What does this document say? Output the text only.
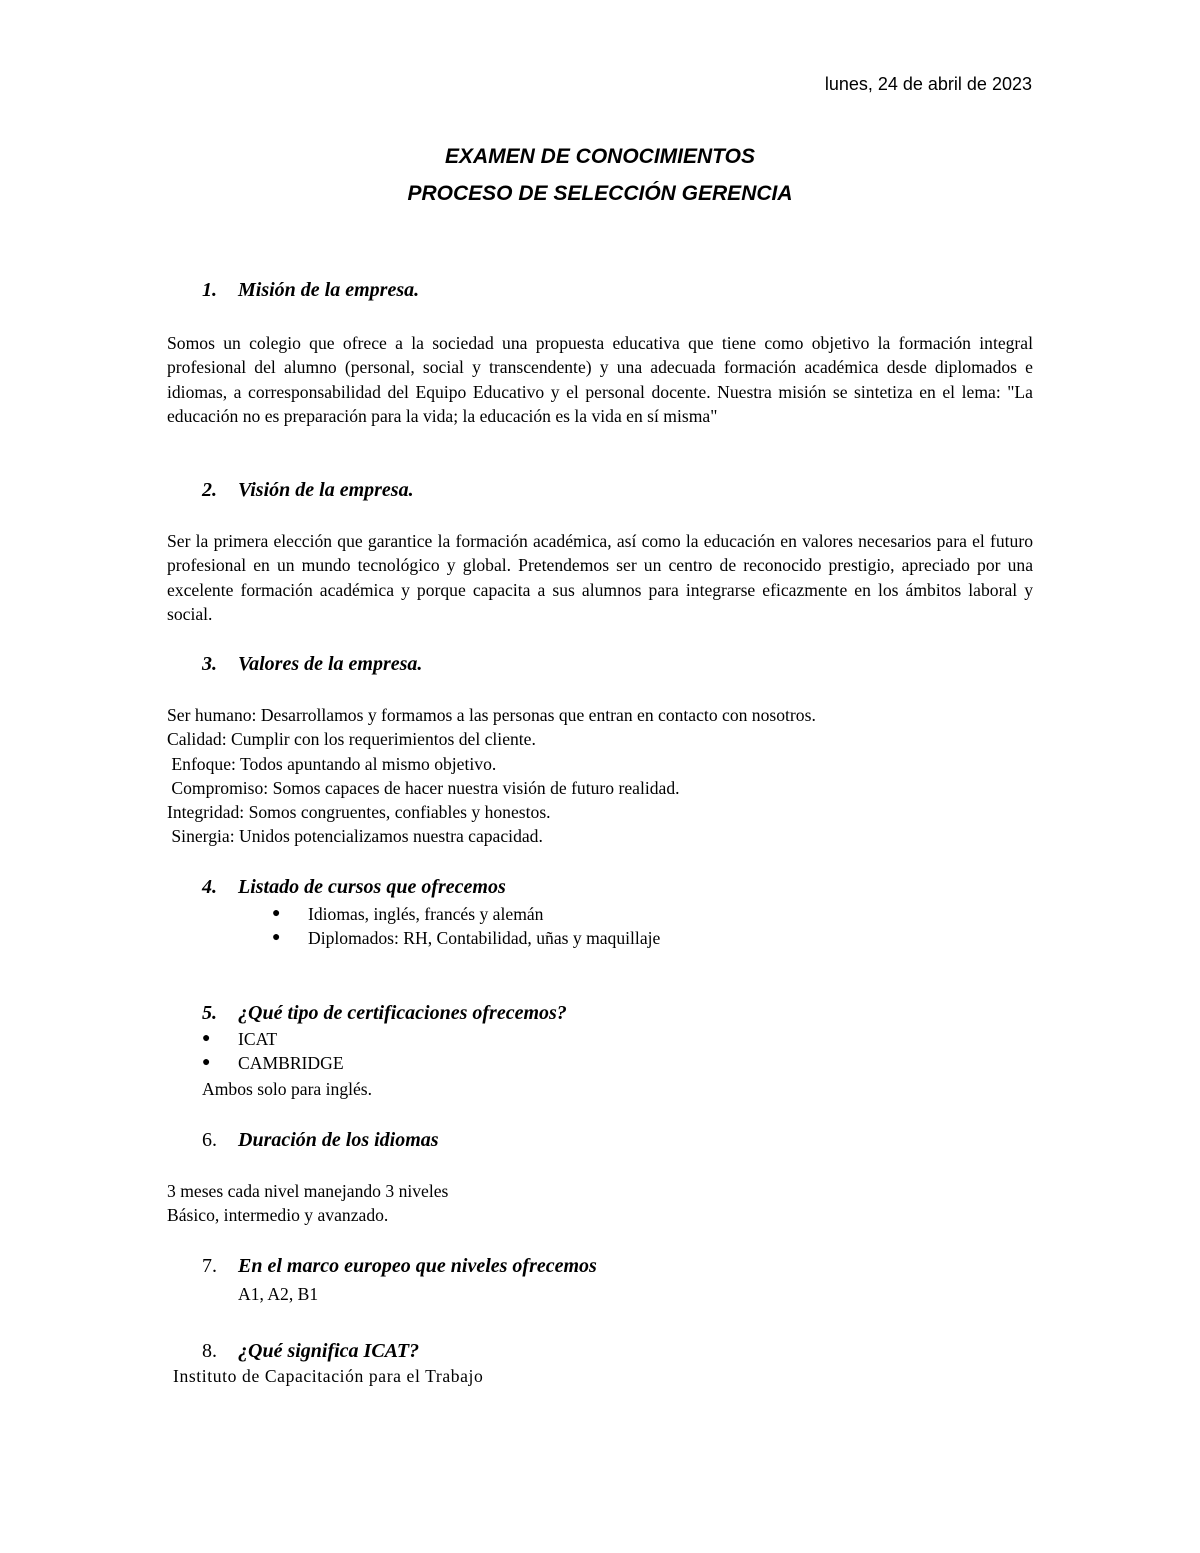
lunes, 24 de abril de 2023
EXAMEN DE CONOCIMIENTOS
PROCESO DE SELECCIÓN GERENCIA
1. Misión de la empresa.
Somos un colegio que ofrece a la sociedad una propuesta educativa que tiene como objetivo la formación integral profesional del alumno (personal, social y transcendente) y una adecuada formación académica desde diplomados e idiomas, a corresponsabilidad del Equipo Educativo y el personal docente. Nuestra misión se sintetiza en el lema: "La educación no es preparación para la vida; la educación es la vida en sí misma"
2. Visión de la empresa.
Ser la primera elección que garantice la formación académica, así como la educación en valores necesarios para el futuro profesional en un mundo tecnológico y global. Pretendemos ser un centro de reconocido prestigio, apreciado por una excelente formación académica y porque capacita a sus alumnos para integrarse eficazmente en los ámbitos laboral y social.
3. Valores de la empresa.
Ser humano: Desarrollamos y formamos a las personas que entran en contacto con nosotros.
Calidad: Cumplir con los requerimientos del cliente.
Enfoque: Todos apuntando al mismo objetivo.
Compromiso: Somos capaces de hacer nuestra visión de futuro realidad.
Integridad: Somos congruentes, confiables y honestos.
Sinergia: Unidos potencializamos nuestra capacidad.
4. Listado de cursos que ofrecemos
● Idiomas, inglés, francés y alemán
● Diplomados: RH, Contabilidad, uñas y maquillaje
5. ¿Qué tipo de certificaciones ofrecemos?
● ICAT
● CAMBRIDGE
Ambos solo para inglés.
6. Duración de los idiomas
3 meses cada nivel manejando 3 niveles
Básico, intermedio y avanzado.
7. En el marco europeo que niveles ofrecemos
A1, A2, B1
8. ¿Qué significa ICAT?
Instituto de Capacitación para el Trabajo
